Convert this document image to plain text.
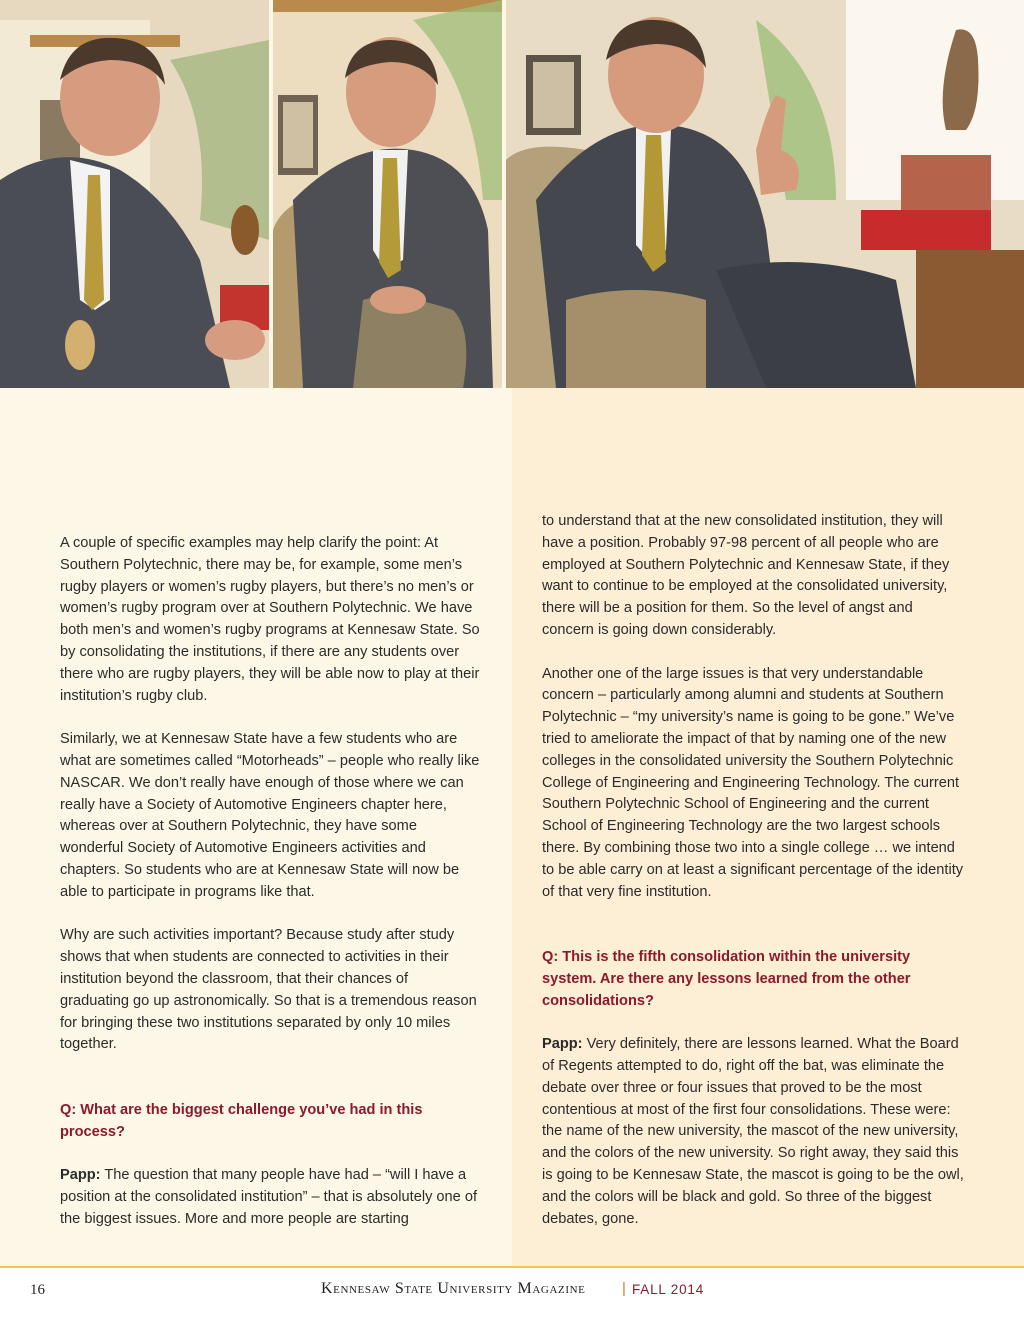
A couple of specific examples may help clarify the point: At Southern Polytechnic, there may be, for example, some men’s rugby players or women’s rugby players, but there’s no men’s or women’s rugby program over at Southern Polytechnic. We have both men’s and women’s rugby programs at Kennesaw State. So by consolidating the institutions, if there are any students over there who are rugby players, they will be able now to play at their institution’s rugby club.

Similarly, we at Kennesaw State have a few students who are what are sometimes called “Motorheads” – people who really like NASCAR. We don’t really have enough of those where we can really have a Society of Automotive Engineers chapter here, whereas over at Southern Polytechnic, they have some wonderful Society of Automotive Engineers activities and chapters. So students who are at Kennesaw State will now be able to participate in programs like that.

Why are such activities important? Because study after study shows that when students are connected to activities in their institution beyond the classroom, that their chances of graduating go up astronomically. So that is a tremendous reason for bringing these two institutions separated by only 10 miles together.

Q: What are the biggest challenge you’ve had in this process?

Papp: The question that many people have had – “will I have a position at the consolidated institution” – that is absolutely one of the biggest issues. More and more people are starting

to understand that at the new consolidated institution, they will have a position. Probably 97-98 percent of all people who are employed at Southern Polytechnic and Kennesaw State, if they want to continue to be employed at the consolidated university, there will be a position for them. So the level of angst and concern is going down considerably.

Another one of the large issues is that very understandable concern – particularly among alumni and students at Southern Polytechnic – “my university’s name is going to be gone.” We’ve tried to ameliorate the impact of that by naming one of the new colleges in the consolidated university the Southern Polytechnic College of Engineering and Engineering Technology. The current Southern Polytechnic School of Engineering and the current School of Engineering Technology are the two largest schools there. By combining those two into a single college … we intend to be able carry on at least a significant percentage of the identity of that very fine institution.

Q: This is the fifth consolidation within the university system. Are there any lessons learned from the other consolidations?

Papp: Very definitely, there are lessons learned. What the Board of Regents attempted to do, right off the bat, was eliminate the debate over three or four issues that proved to be the most contentious at most of the first four consolidations. These were: the name of the new university, the mascot of the new university, and the colors of the new university. So right away, they said this is going to be Kennesaw State, the mascot is going to be the owl, and the colors will be black and gold. So three of the biggest debates, gone.

16	Kennesaw State University Magazine | FALL 2014
